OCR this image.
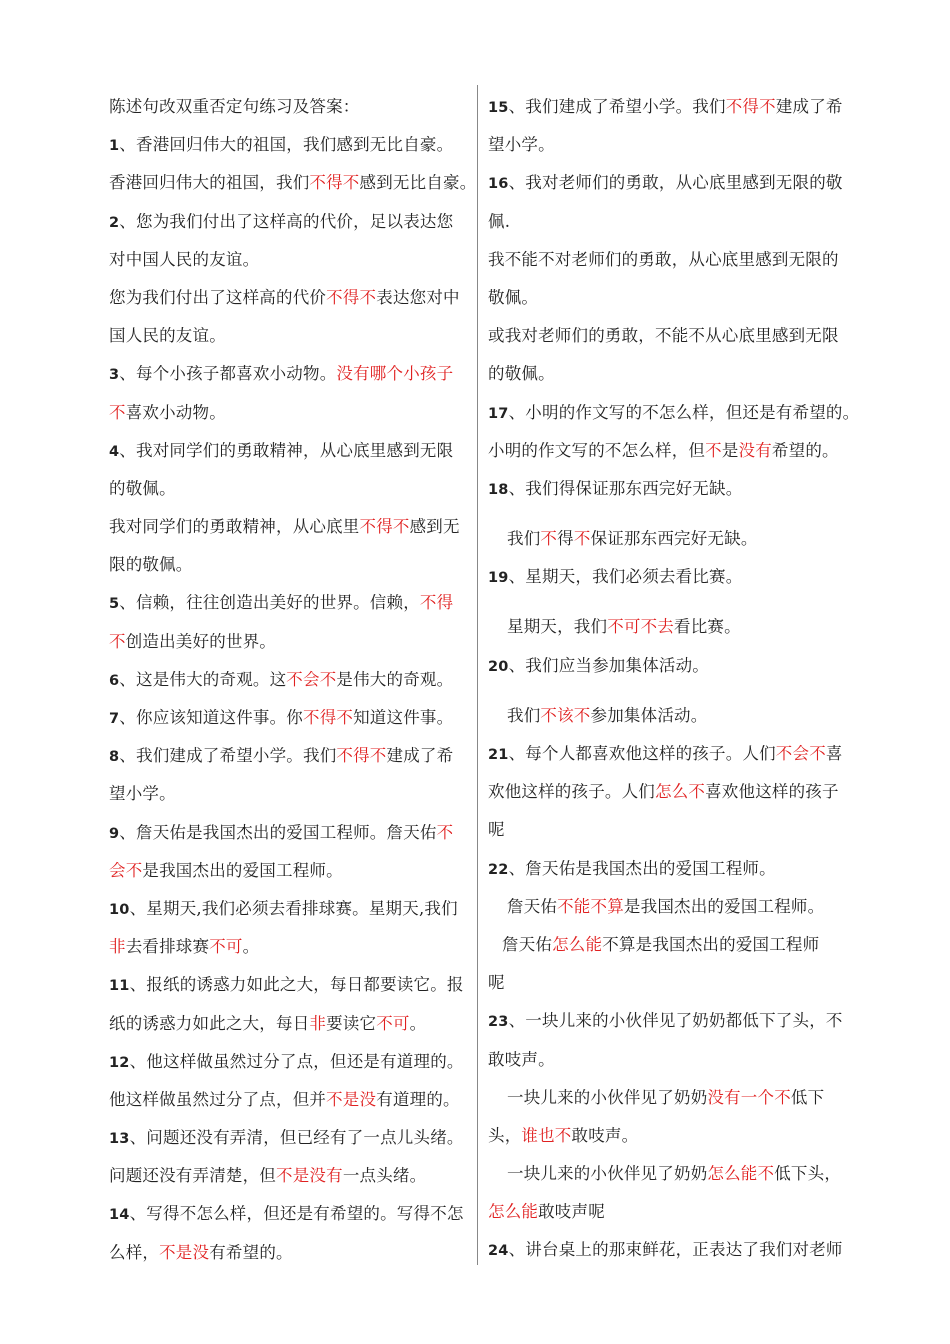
陈述句改双重否定句练习及答案：
1、香港回归伟大的祖国，我们感到无比自豪。
香港回归伟大的祖国，我们不得不感到无比自豪。
2、您为我们付出了这样高的代价，足以表达您
对中国人民的友谊。
您为我们付出了这样高的代价不得不表达您对中
国人民的友谊。
3、每个小孩子都喜欢小动物。没有哪个小孩子
不喜欢小动物。
4、我对同学们的勇敢精神，从心底里感到无限
的敬佩。
我对同学们的勇敢精神，从心底里不得不感到无
限的敬佩。
5、信赖，往往创造出美好的世界。信赖，不得
不创造出美好的世界。
6、这是伟大的奇观。这不会不是伟大的奇观。
7、你应该知道这件事。你不得不知道这件事。
8、我们建成了希望小学。我们不得不建成了希
望小学。
9、詹天佑是我国杰出的爱国工程师。詹天佑不
会不是我国杰出的爱国工程师。
10、星期天,我们必须去看排球赛。星期天,我们
非去看排球赛不可。
11、报纸的诱惑力如此之大，每日都要读它。报
纸的诱惑力如此之大，每日非要读它不可。
12、他这样做虽然过分了点，但还是有道理的。
他这样做虽然过分了点，但并不是没有道理的。
13、问题还没有弄清，但已经有了一点儿头绪。
问题还没有弄清楚，但不是没有一点头绪。
14、写得不怎么样，但还是有希望的。写得不怎
么样，不是没有希望的。
15、我们建成了希望小学。我们不得不建成了希
望小学。
16、我对老师们的勇敢，从心底里感到无限的敬
佩.
我不能不对老师们的勇敢，从心底里感到无限的
敬佩。
或我对老师们的勇敢，不能不从心底里感到无限
的敬佩。
17、小明的作文写的不怎么样，但还是有希望的。
小明的作文写的不怎么样，但不是没有希望的。
18、我们得保证那东西完好无缺。
我们不得不保证那东西完好无缺。
19、星期天，我们必须去看比赛。
星期天，我们不可不去看比赛。
20、我们应当参加集体活动。
我们不该不参加集体活动。
21、每个人都喜欢他这样的孩子。人们不会不喜
欢他这样的孩子。人们怎么不喜欢他这样的孩子
呢
22、詹天佑是我国杰出的爱国工程师。
詹天佑不能不算是我国杰出的爱国工程师。
詹天佑怎么能不算是我国杰出的爱国工程师
呢
23、一块儿来的小伙伴见了奶奶都低下了头，不
敢吱声。
一块儿来的小伙伴见了奶奶没有一个不低下
头，谁也不敢吱声。
一块儿来的小伙伴见了奶奶怎么能不低下头，
怎么能敢吱声呢
24、讲台桌上的那束鲜花，正表达了我们对老师
